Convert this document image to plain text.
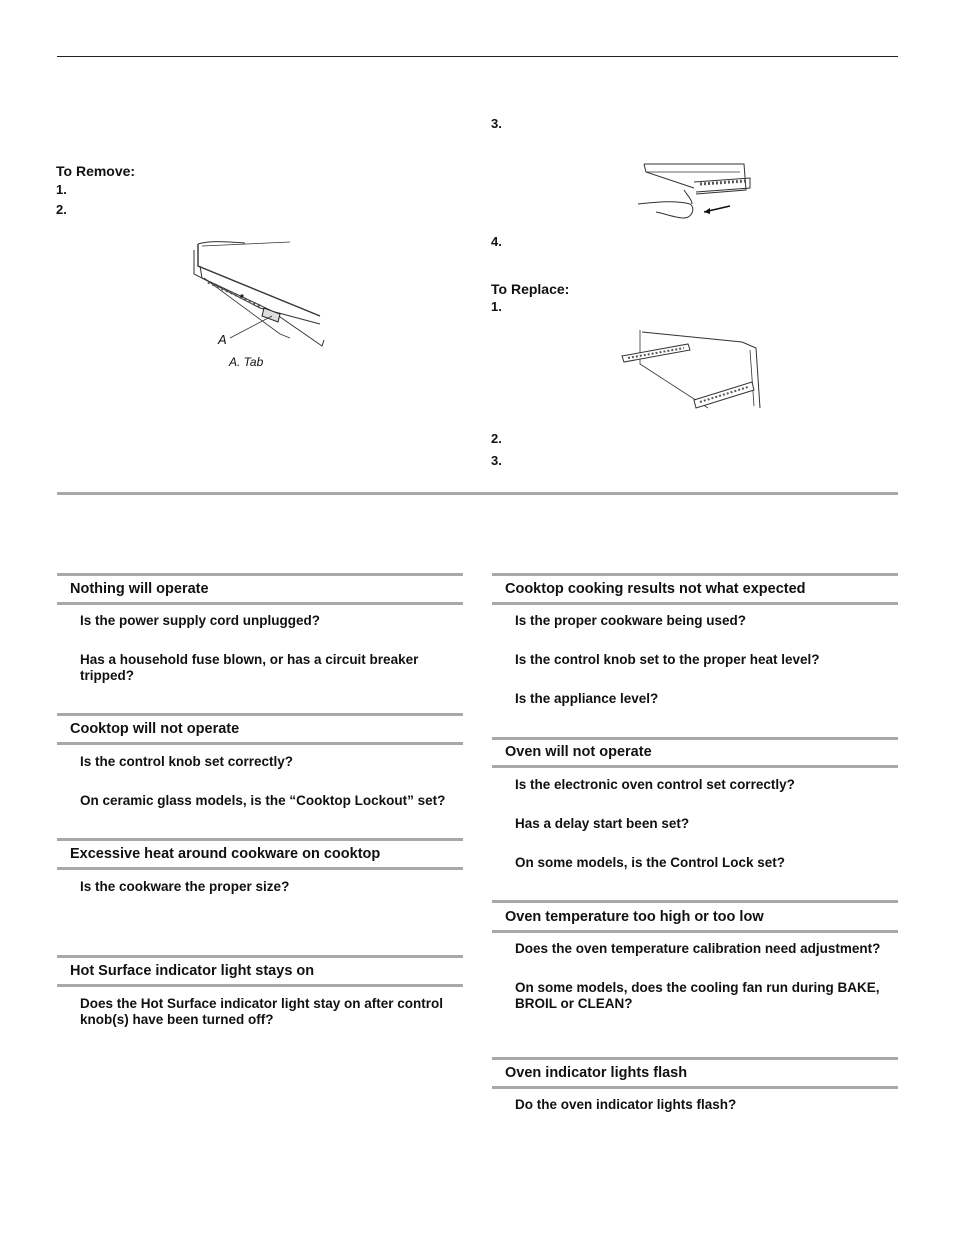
To Remove:
1.
2.
A
A. Tab
3.
4.
To Replace:
1.
2.
3.
Nothing will operate
Is the power supply cord unplugged?
Has a household fuse blown, or has a circuit breaker tripped?
Cooktop will not operate
Is the control knob set correctly?
On ceramic glass models, is the “Cooktop Lockout” set?
Excessive heat around cookware on cooktop
Is the cookware the proper size?
Hot Surface indicator light stays on
Does the Hot Surface indicator light stay on after control knob(s) have been turned off?
Cooktop cooking results not what expected
Is the proper cookware being used?
Is the control knob set to the proper heat level?
Is the appliance level?
Oven will not operate
Is the electronic oven control set correctly?
Has a delay start been set?
On some models, is the Control Lock set?
Oven temperature too high or too low
Does the oven temperature calibration need adjustment?
On some models, does the cooling fan run during BAKE, BROIL or CLEAN?
Oven indicator lights flash
Do the oven indicator lights flash?
